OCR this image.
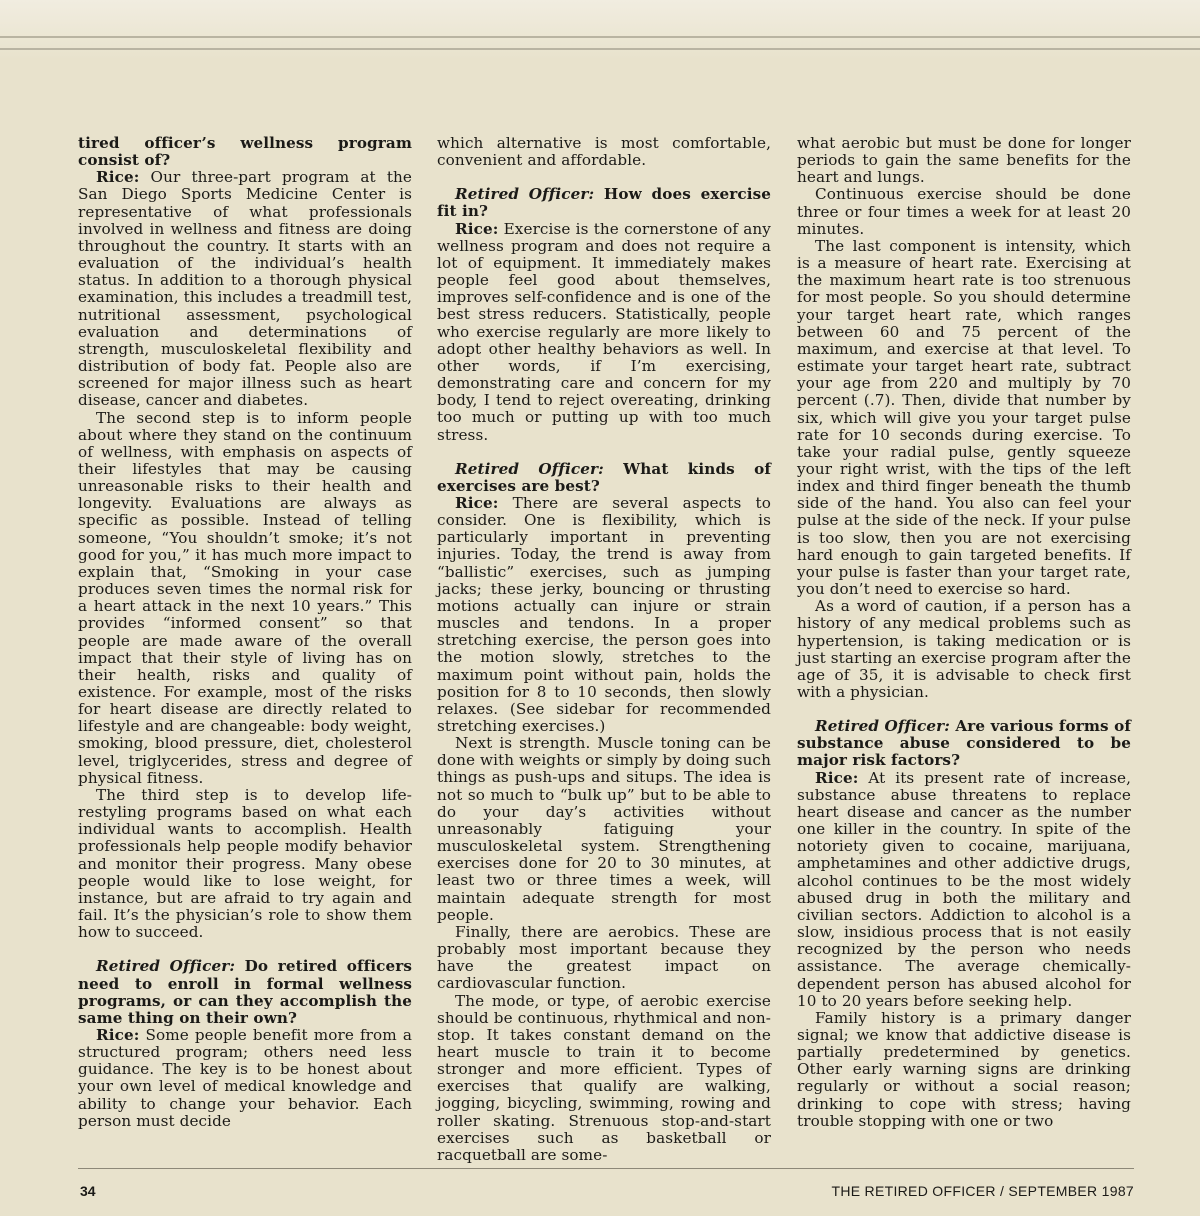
tired officer’s wellness program consist of?

Rice: Our three-part program at the San Diego Sports Medicine Center is representative of what professionals involved in wellness and fitness are doing throughout the country. It starts with an evaluation of the individual’s health status. In addition to a thorough physical examination, this includes a treadmill test, nutritional assessment, psychological evaluation and determinations of strength, musculoskeletal flexibility and distribution of body fat. People also are screened for major illness such as heart disease, cancer and diabetes.

The second step is to inform people about where they stand on the continuum of wellness, with emphasis on aspects of their lifestyles that may be causing unreasonable risks to their health and longevity. Evaluations are always as specific as possible. Instead of telling someone, “You shouldn’t smoke; it’s not good for you,” it has much more impact to explain that, “Smoking in your case produces seven times the normal risk for a heart attack in the next 10 years.” This provides “informed consent” so that people are made aware of the overall impact that their style of living has on their health, risks and quality of existence. For example, most of the risks for heart disease are directly related to lifestyle and are changeable: body weight, smoking, blood pressure, diet, cholesterol level, triglycerides, stress and degree of physical fitness.

The third step is to develop life-restyling programs based on what each individual wants to accomplish. Health professionals help people modify behavior and monitor their progress. Many obese people would like to lose weight, for instance, but are afraid to try again and fail. It’s the physician’s role to show them how to succeed.

Retired Officer: Do retired officers need to enroll in formal wellness programs, or can they accomplish the same thing on their own?

Rice: Some people benefit more from a structured program; others need less guidance. The key is to be honest about your own level of medical knowledge and ability to change your behavior. Each person must decide

which alternative is most comfortable, convenient and affordable.

Retired Officer: How does exercise fit in?

Rice: Exercise is the cornerstone of any wellness program and does not require a lot of equipment. It immediately makes people feel good about themselves, improves self-confidence and is one of the best stress reducers. Statistically, people who exercise regularly are more likely to adopt other healthy behaviors as well. In other words, if I’m exercising, demonstrating care and concern for my body, I tend to reject overeating, drinking too much or putting up with too much stress.

Retired Officer: What kinds of exercises are best?

Rice: There are several aspects to consider. One is flexibility, which is particularly important in preventing injuries. Today, the trend is away from “ballistic” exercises, such as jumping jacks; these jerky, bouncing or thrusting motions actually can injure or strain muscles and tendons. In a proper stretching exercise, the person goes into the motion slowly, stretches to the maximum point without pain, holds the position for 8 to 10 seconds, then slowly relaxes. (See sidebar for recommended stretching exercises.)

Next is strength. Muscle toning can be done with weights or simply by doing such things as push-ups and situps. The idea is not so much to “bulk up” but to be able to do your day’s activities without unreasonably fatiguing your musculoskeletal system. Strengthening exercises done for 20 to 30 minutes, at least two or three times a week, will maintain adequate strength for most people.

Finally, there are aerobics. These are probably most important because they have the greatest impact on cardiovascular function.

The mode, or type, of aerobic exercise should be continuous, rhythmical and non-stop. It takes constant demand on the heart muscle to train it to become stronger and more efficient. Types of exercises that qualify are walking, jogging, bicycling, swimming, rowing and roller skating. Strenuous stop-and-start exercises such as basketball or racquetball are some-

what aerobic but must be done for longer periods to gain the same benefits for the heart and lungs.

Continuous exercise should be done three or four times a week for at least 20 minutes.

The last component is intensity, which is a measure of heart rate. Exercising at the maximum heart rate is too strenuous for most people. So you should determine your target heart rate, which ranges between 60 and 75 percent of the maximum, and exercise at that level. To estimate your target heart rate, subtract your age from 220 and multiply by 70 percent (.7). Then, divide that number by six, which will give you your target pulse rate for 10 seconds during exercise. To take your radial pulse, gently squeeze your right wrist, with the tips of the left index and third finger beneath the thumb side of the hand. You also can feel your pulse at the side of the neck. If your pulse is too slow, then you are not exercising hard enough to gain targeted benefits. If your pulse is faster than your target rate, you don’t need to exercise so hard.

As a word of caution, if a person has a history of any medical problems such as hypertension, is taking medication or is just starting an exercise program after the age of 35, it is advisable to check first with a physician.

Retired Officer: Are various forms of substance abuse considered to be major risk factors?

Rice: At its present rate of increase, substance abuse threatens to replace heart disease and cancer as the number one killer in the country. In spite of the notoriety given to cocaine, marijuana, amphetamines and other addictive drugs, alcohol continues to be the most widely abused drug in both the military and civilian sectors. Addiction to alcohol is a slow, insidious process that is not easily recognized by the person who needs assistance. The average chemically-dependent person has abused alcohol for 10 to 20 years before seeking help.

Family history is a primary danger signal; we know that addictive disease is partially predetermined by genetics. Other early warning signs are drinking regularly or without a social reason; drinking to cope with stress; having trouble stopping with one or two

34	THE RETIRED OFFICER / SEPTEMBER 1987
